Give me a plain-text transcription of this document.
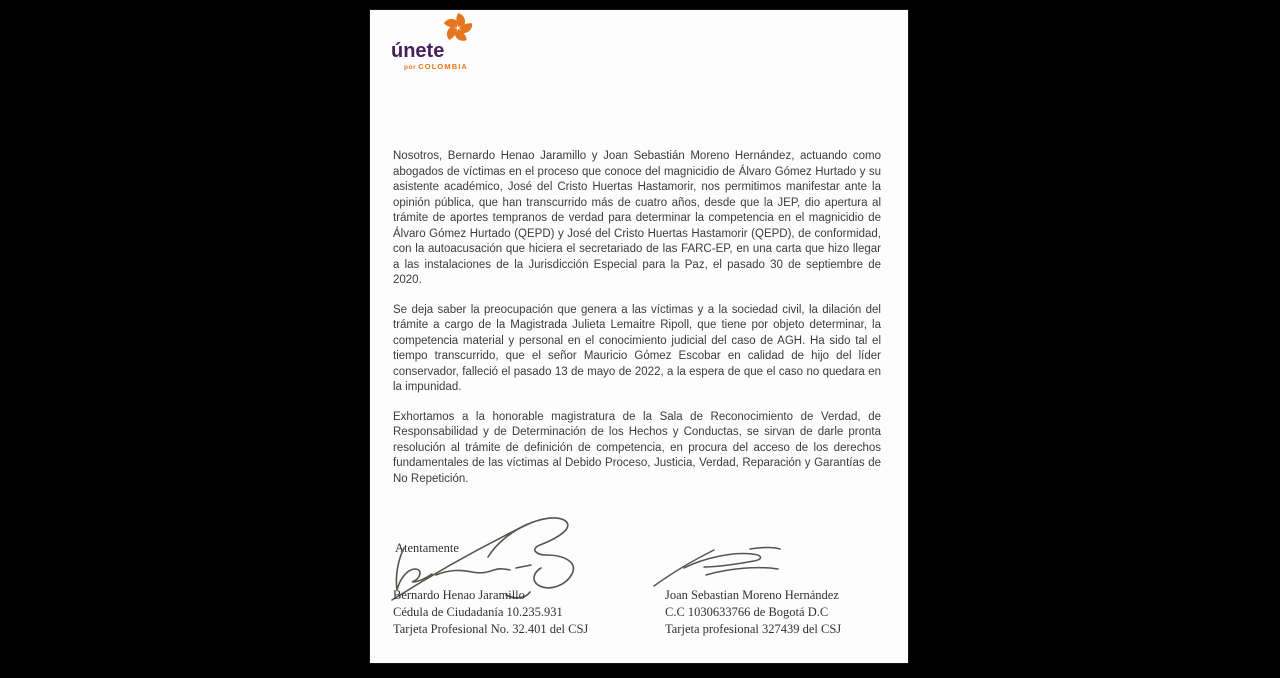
únete
por COLOMBIA

Nosotros, Bernardo Henao Jaramillo y Joan Sebastián Moreno Hernández, actuando como abogados de víctimas en el proceso que conoce del magnicidio de Álvaro Gómez Hurtado y su asistente académico, José del Cristo Huertas Hastamorir, nos permitimos manifestar ante la opinión pública, que han transcurrido más de cuatro años, desde que la JEP, dio apertura al trámite de aportes tempranos de verdad para determinar la competencia en el magnicidio de Álvaro Gómez Hurtado (QEPD) y José del Cristo Huertas Hastamorir (QEPD), de conformidad, con la autoacusación que hiciera el secretariado de las FARC-EP, en una carta que hizo llegar a las instalaciones de la Jurisdicción Especial para la Paz, el pasado 30 de septiembre de 2020.

Se deja saber la preocupación que genera a las víctimas y a la sociedad civil, la dilación del trámite a cargo de la Magistrada Julieta Lemaitre Ripoll, que tiene por objeto determinar, la competencia material y personal en el conocimiento judicial del caso de AGH. Ha sido tal el tiempo transcurrido, que el señor Mauricio Gómez Escobar en calidad de hijo del líder conservador, falleció el pasado 13 de mayo de 2022, a la espera de que el caso no quedara en la impunidad.

Exhortamos a la honorable magistratura de la Sala de Reconocimiento de Verdad, de Responsabilidad y de Determinación de los Hechos y Conductas, se sirvan de darle pronta resolución al trámite de definición de competencia, en procura del acceso de los derechos fundamentales de las víctimas al Debido Proceso, Justicia, Verdad, Reparación y Garantías de No Repetición.

Atentamente
Bernardo Henao Jaramillo
Cédula de Ciudadanía 10.235.931
Tarjeta Profesional No. 32.401 del CSJ
Joan Sebastian Moreno Hernández
C.C 1030633766 de Bogotá D.C
Tarjeta profesional 327439 del CSJ
